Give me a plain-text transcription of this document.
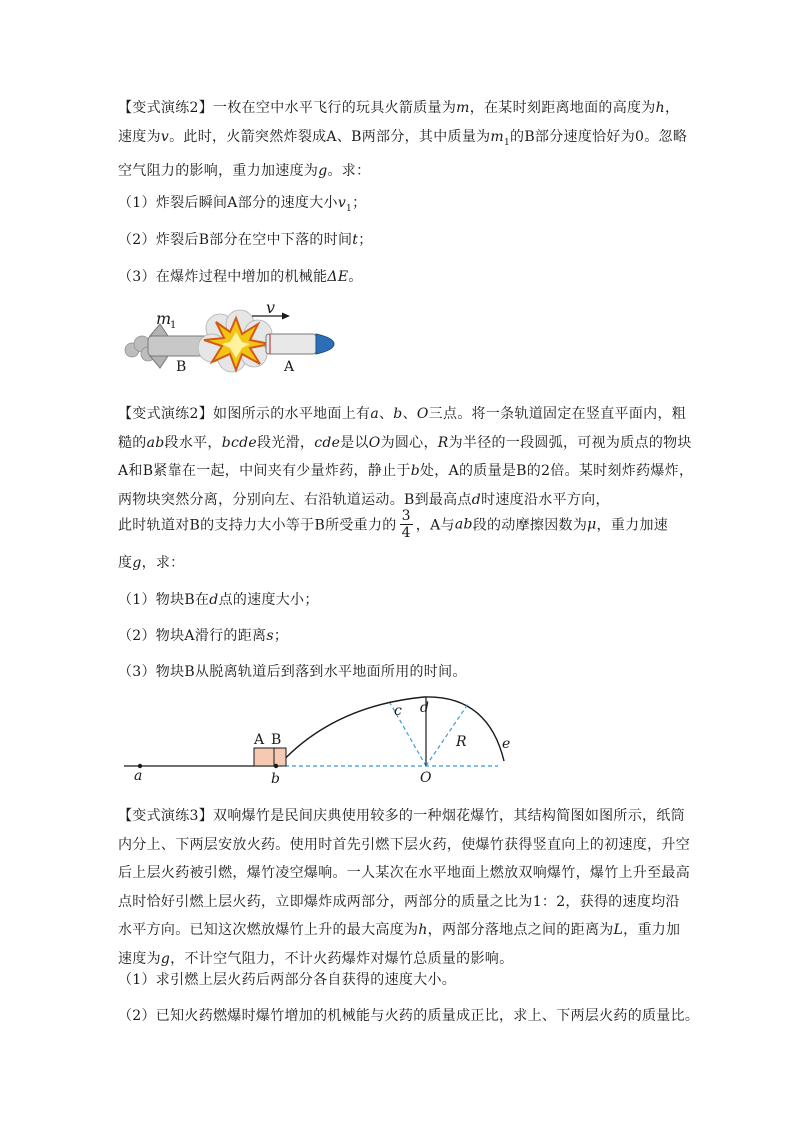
【变式演练2】一枚在空中水平飞行的玩具火箭质量为m，在某时刻距离地面的高度为h，速度为v。此时，火箭突然炸裂成A、B两部分，其中质量为$m_1$的B部分速度恰好为0。忽略空气阻力的影响，重力加速度为g。求：
（1）炸裂后瞬间A部分的速度大小$v_1$；
（2）炸裂后B部分在空中下落的时间t；
（3）在爆炸过程中增加的机械能ΔE。
v
m
1
B	A
【变式演练2】如图所示的水平地面上有a、b、O三点。将一条轨道固定在竖直平面内，粗糙的ab段水平，bcde段光滑，cde是以O为圆心，R为半径的一段圆弧，可视为质点的物块A和B紧靠在一起，中间夹有少量炸药，静止于b处，A的质量是B的2倍。某时刻炸药爆炸，两物块突然分离，分别向左、右沿轨道运动。B到最高点d时速度沿水平方向，
此时轨道对B的支持力大小等于B所受重力的 $\frac{3}{4}$ ，A与ab段的动摩擦因数为μ，重力加速
度g，求：
（1）物块B在d点的速度大小；
（2）物块A滑行的距离s；
（3）物块B从脱离轨道后到落到水平地面所用的时间。
A B
a	b
c d
R	e
O
【变式演练3】双响爆竹是民间庆典使用较多的一种烟花爆竹，其结构简图如图所示，纸筒内分上、下两层安放火药。使用时首先引燃下层火药，使爆竹获得竖直向上的初速度，升空后上层火药被引燃，爆竹凌空爆响。一人某次在水平地面上燃放双响爆竹，爆竹上升至最高点时恰好引燃上层火药，立即爆炸成两部分，两部分的质量之比为1：2，获得的速度均沿水平方向。已知这次燃放爆竹上升的最大高度为h，两部分落地点之间的距离为L，重力加速度为g，不计空气阻力，不计火药爆炸对爆竹总质量的影响。
（1）求引燃上层火药后两部分各自获得的速度大小。
（2）已知火药燃爆时爆竹增加的机械能与火药的质量成正比，求上、下两层火药的质量比。
